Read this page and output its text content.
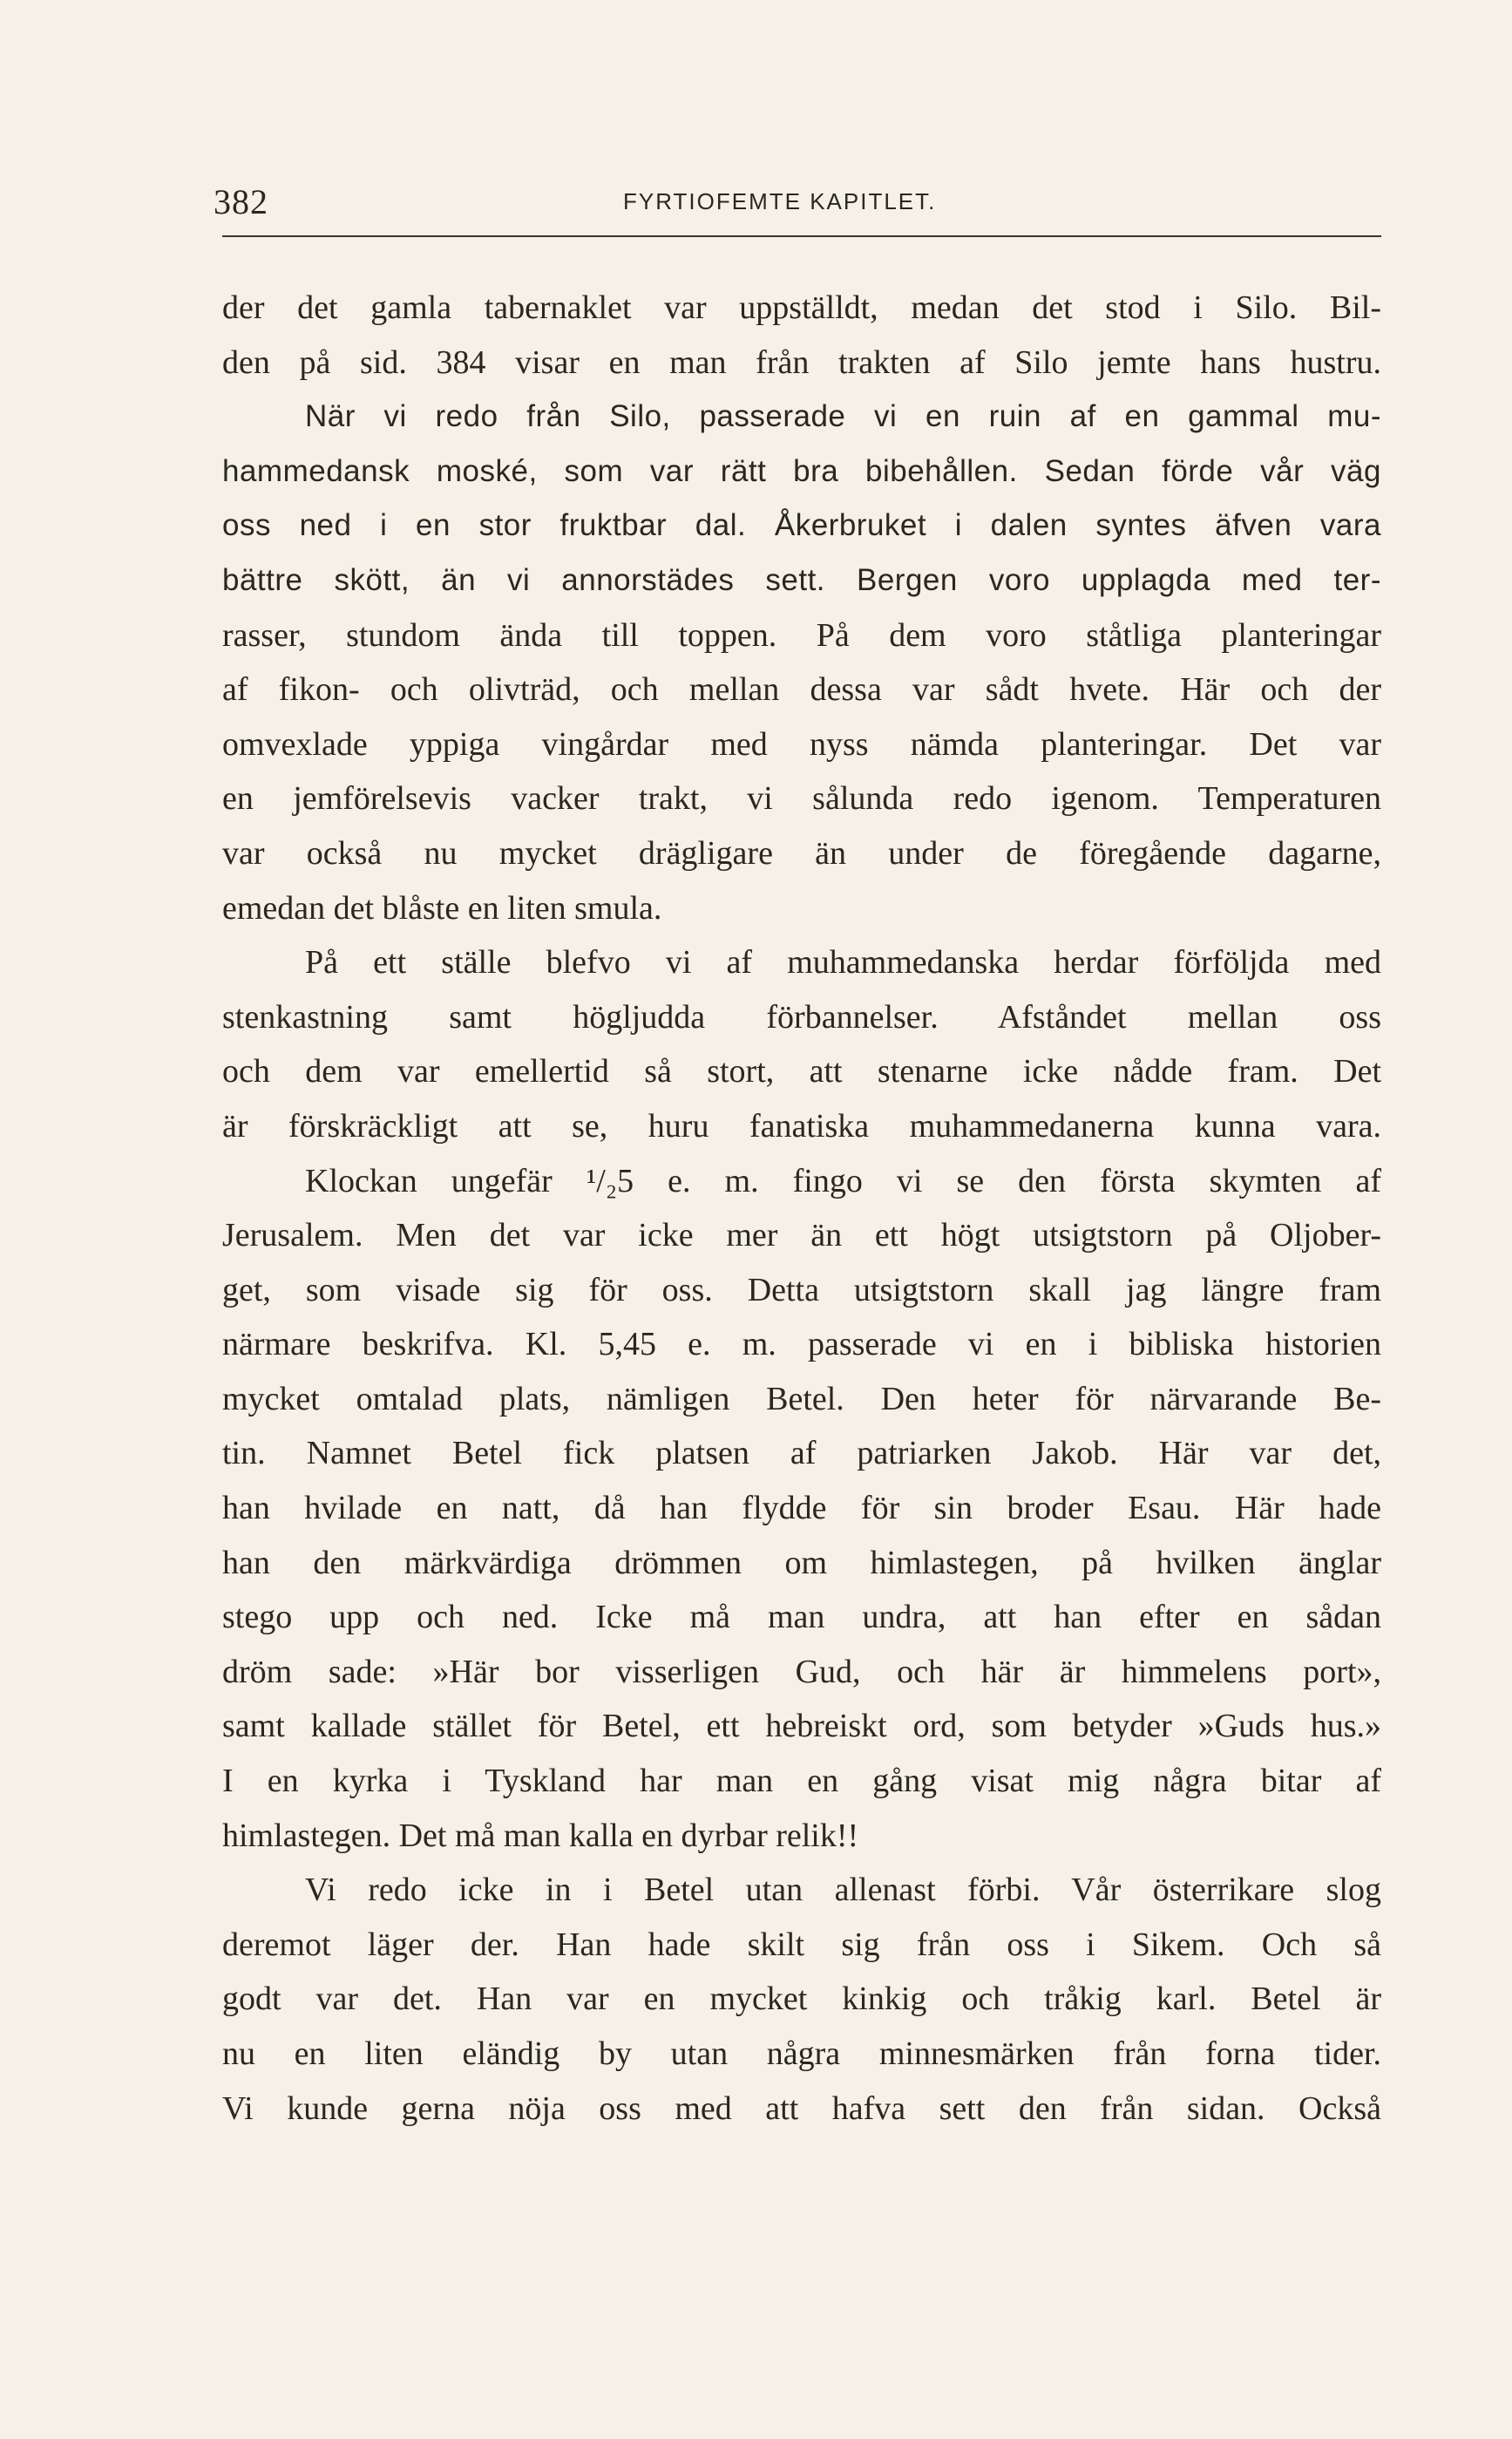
382	FYRTIOFEMTE KAPITLET.
der det gamla tabernaklet var uppställdt, medan det stod i Silo. Bil-
den på sid. 384 visar en man från trakten af Silo jemte hans hustru.
När vi redo från Silo, passerade vi en ruin af en gammal mu-
hammedansk moské, som var rätt bra bibehållen. Sedan förde vår väg
oss ned i en stor fruktbar dal. Åkerbruket i dalen syntes äfven vara
bättre skött, än vi annorstädes sett. Bergen voro upplagda med ter-
rasser, stundom ända till toppen. På dem voro ståtliga planteringar
af fikon- och olivträd, och mellan dessa var sådt hvete. Här och der
omvexlade yppiga vingårdar med nyss nämda planteringar. Det var
en jemförelsevis vacker trakt, vi sålunda redo igenom. Temperaturen
var också nu mycket drägligare än under de föregående dagarne,
emedan det blåste en liten smula.
På ett ställe blefvo vi af muhammedanska herdar förföljda med
stenkastning samt högljudda förbannelser. Afståndet mellan oss
och dem var emellertid så stort, att stenarne icke nådde fram. Det
är förskräckligt att se, huru fanatiska muhammedanerna kunna vara.
Klockan ungefär ¹/₂5 e. m. fingo vi se den första skymten af
Jerusalem. Men det var icke mer än ett högt utsigtstorn på Oljober-
get, som visade sig för oss. Detta utsigtstorn skall jag längre fram
närmare beskrifva. Kl. 5,45 e. m. passerade vi en i bibliska historien
mycket omtalad plats, nämligen Betel. Den heter för närvarande Be-
tin. Namnet Betel fick platsen af patriarken Jakob. Här var det,
han hvilade en natt, då han flydde för sin broder Esau. Här hade
han den märkvärdiga drömmen om himlastegen, på hvilken änglar
stego upp och ned. Icke må man undra, att han efter en sådan
dröm sade: »Här bor visserligen Gud, och här är himmelens port»,
samt kallade stället för Betel, ett hebreiskt ord, som betyder »Guds hus.»
I en kyrka i Tyskland har man en gång visat mig några bitar af
himlastegen. Det må man kalla en dyrbar relik!!
Vi redo icke in i Betel utan allenast förbi. Vår österrikare slog
deremot läger der. Han hade skilt sig från oss i Sikem. Och så
godt var det. Han var en mycket kinkig och tråkig karl. Betel är
nu en liten eländig by utan några minnesmärken från forna tider.
Vi kunde gerna nöja oss med att hafva sett den från sidan. Också
